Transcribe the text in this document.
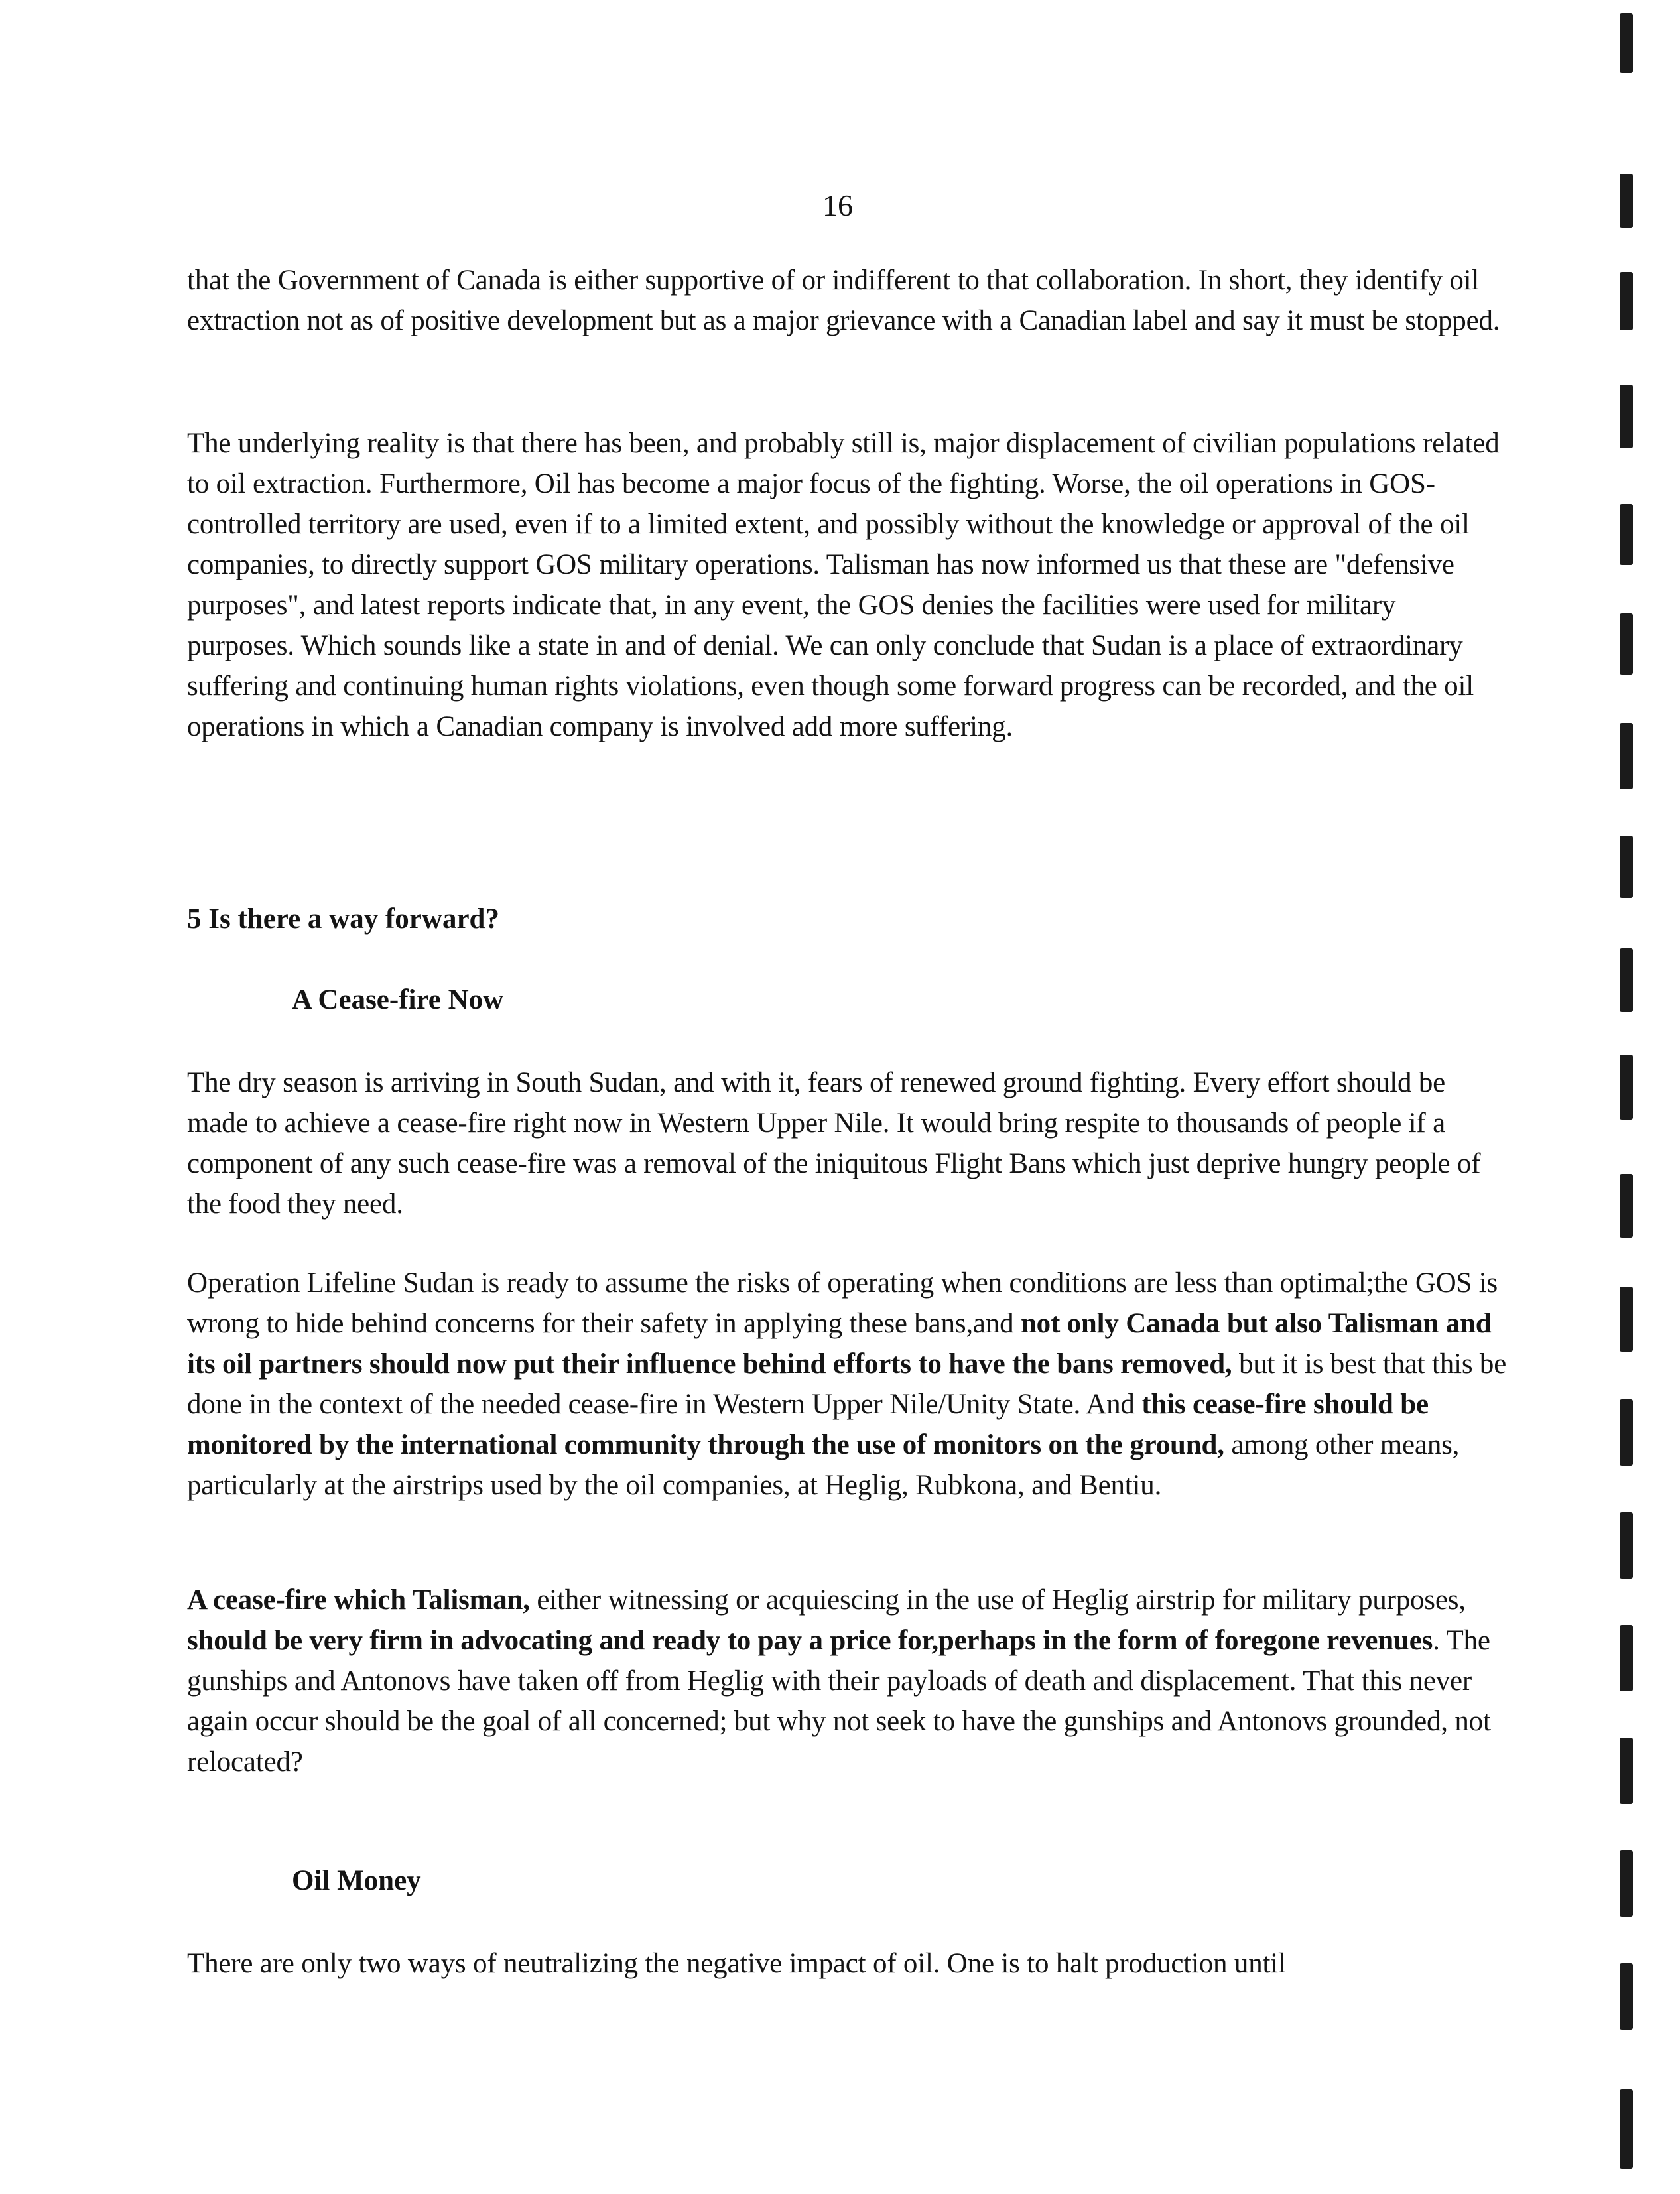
16

that the Government of Canada is either supportive of or indifferent to that collaboration. In short, they identify oil extraction not as of positive development but as a major grievance with a Canadian label and say it must be stopped.

The underlying reality is that there has been, and probably still is, major displacement of civilian populations related to oil extraction. Furthermore, Oil has become a major focus of the fighting. Worse, the oil operations in GOS-controlled territory are used, even if to a limited extent, and possibly without the knowledge or approval of the oil companies, to directly support GOS military operations. Talisman has now informed us that these are "defensive purposes", and latest reports indicate that, in any event, the GOS denies the facilities were used for military purposes. Which sounds like a state in and of denial. We can only conclude that Sudan is a place of extraordinary suffering and continuing human rights violations, even though some forward progress can be recorded, and the oil operations in which a Canadian company is involved add more suffering.

5 Is there a way forward?
A Cease-fire Now

The dry season is arriving in South Sudan, and with it, fears of renewed ground fighting. Every effort should be made to achieve a cease-fire right now in Western Upper Nile. It would bring respite to thousands of people if a component of any such cease-fire was a removal of the iniquitous Flight Bans which just deprive hungry people of the food they need.

Operation Lifeline Sudan is ready to assume the risks of operating when conditions are less than optimal;the GOS is wrong to hide behind concerns for their safety in applying these bans,and not only Canada but also Talisman and its oil partners should now put their influence behind efforts to have the bans removed, but it is best that this be done in the context of the needed cease-fire in Western Upper Nile/Unity State. And this cease-fire should be monitored by the international community through the use of monitors on the ground, among other means, particularly at the airstrips used by the oil companies, at Heglig, Rubkona, and Bentiu.

A cease-fire which Talisman, either witnessing or acquiescing in the use of Heglig airstrip for military purposes, should be very firm in advocating and ready to pay a price for,perhaps in the form of foregone revenues. The gunships and Antonovs have taken off from Heglig with their payloads of death and displacement. That this never again occur should be the goal of all concerned; but why not seek to have the gunships and Antonovs grounded, not relocated?

Oil Money

There are only two ways of neutralizing the negative impact of oil. One is to halt production until
